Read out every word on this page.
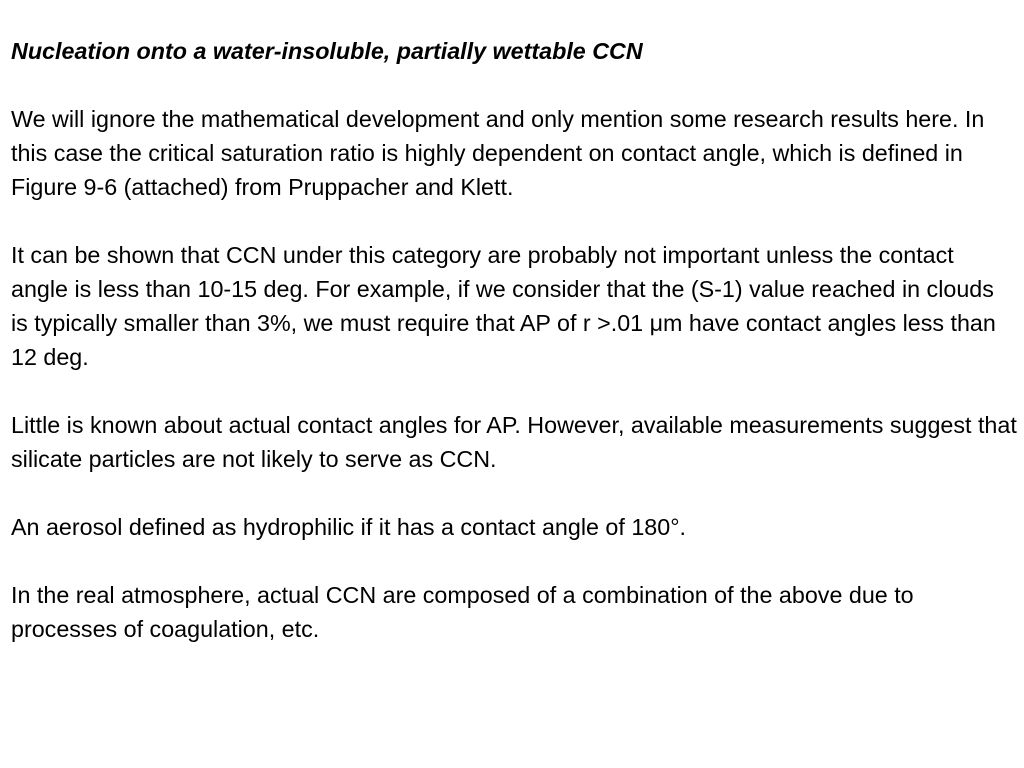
Nucleation onto a water-insoluble, partially wettable CCN

We will ignore the mathematical development and only mention some research results here. In this case the critical saturation ratio is highly dependent on contact angle, which is defined in Figure 9-6 (attached) from Pruppacher and Klett.

It can be shown that CCN under this category are probably not important unless the contact angle is less than 10-15 deg. For example, if we consider that the (S-1) value reached in clouds is typically smaller than 3%, we must require that AP of r >.01 μm have contact angles less than 12 deg.

Little is known about actual contact angles for AP. However, available measurements suggest that silicate particles are not likely to serve as CCN.

An aerosol defined as hydrophilic if it has a contact angle of 180°.

In the real atmosphere, actual CCN are composed of a combination of the above due to processes of coagulation, etc.
